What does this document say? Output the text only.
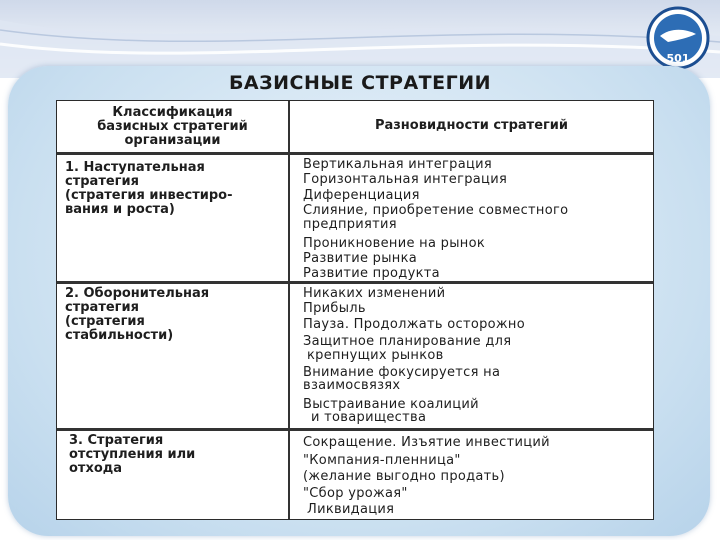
501
БАЗИСНЫЕ СТРАТЕГИИ
Классификация
базисных стратегий
организации
Разновидности стратегий
1. Наступательная
стратегия
(стратегия инвестиро-
вания и роста)
Вертикальная интеграция
Горизонтальная интеграция
Диференциация
Слияние, приобретение совместного
предприятия
Проникновение на рынок
Развитие рынка
Развитие продукта
2. Оборонительная
стратегия
(стратегия
стабильности)
Никаких изменений
Прибыль
Пауза. Продолжать осторожно
Защитное планирование для
крепнущих рынков
Внимание фокусируется на
взаимосвязях
Выстраивание коалиций
и товарищества
3. Стратегия
отступления или
отхода
Сокращение. Изъятие инвестиций
"Компания-пленница"
(желание выгодно продать)
"Сбор урожая"
Ликвидация
